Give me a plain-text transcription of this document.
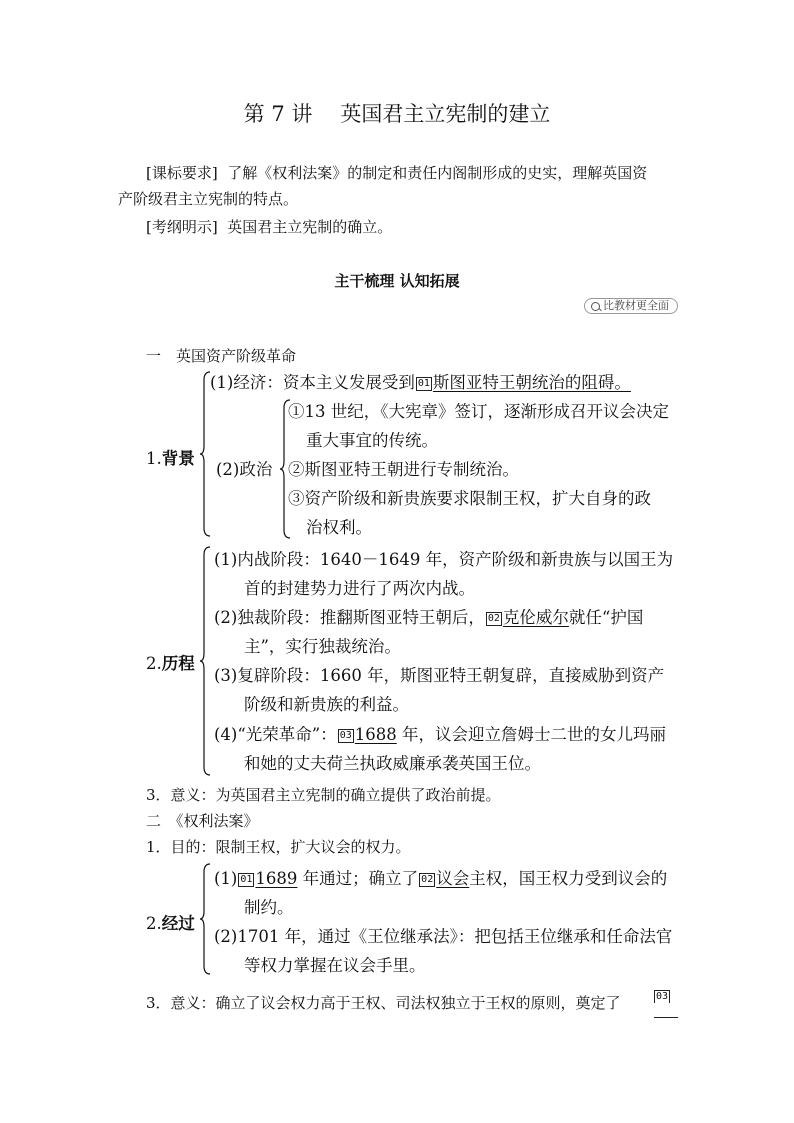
第 7 讲 英国君主立宪制的建立
[课标要求] 了解《权利法案》的制定和责任内阁制形成的史实，理解英国资
产阶级君主立宪制的特点。
[考纲明示] 英国君主立宪制的确立。
主干梳理 认知拓展
比教材更全面
一　英国资产阶级革命
1.背景
(1)经济：资本主义发展受到 01 斯图亚特王朝统治的阻碍。
(2)政治
①13 世纪，《大宪章》签订，逐渐形成召开议会决定
重大事宜的传统。
②斯图亚特王朝进行专制统治。
③资产阶级和新贵族要求限制王权，扩大自身的政
治权利。
2.历程
(1)内战阶段：1640－1649 年，资产阶级和新贵族与以国王为
首的封建势力进行了两次内战。
(2)独裁阶段：推翻斯图亚特王朝后， 02 克伦威尔就任“护国
主”，实行独裁统治。
(3)复辟阶段：1660 年，斯图亚特王朝复辟，直接威胁到资产
阶级和新贵族的利益。
(4)“光荣革命”： 03 1688 年，议会迎立詹姆士二世的女儿玛丽
和她的丈夫荷兰执政威廉承袭英国王位。
3．意义：为英国君主立宪制的确立提供了政治前提。
二　《权利法案》
1．目的：限制王权，扩大议会的权力。
2.经过
(1) 01 1689 年通过；确立了 02 议会主权，国王权力受到议会的
制约。
(2)1701 年，通过《王位继承法》：把包括王位继承和任命法官
等权力掌握在议会手里。
3．意义：确立了议会权力高于王权、司法权独立于王权的原则，奠定了	03
